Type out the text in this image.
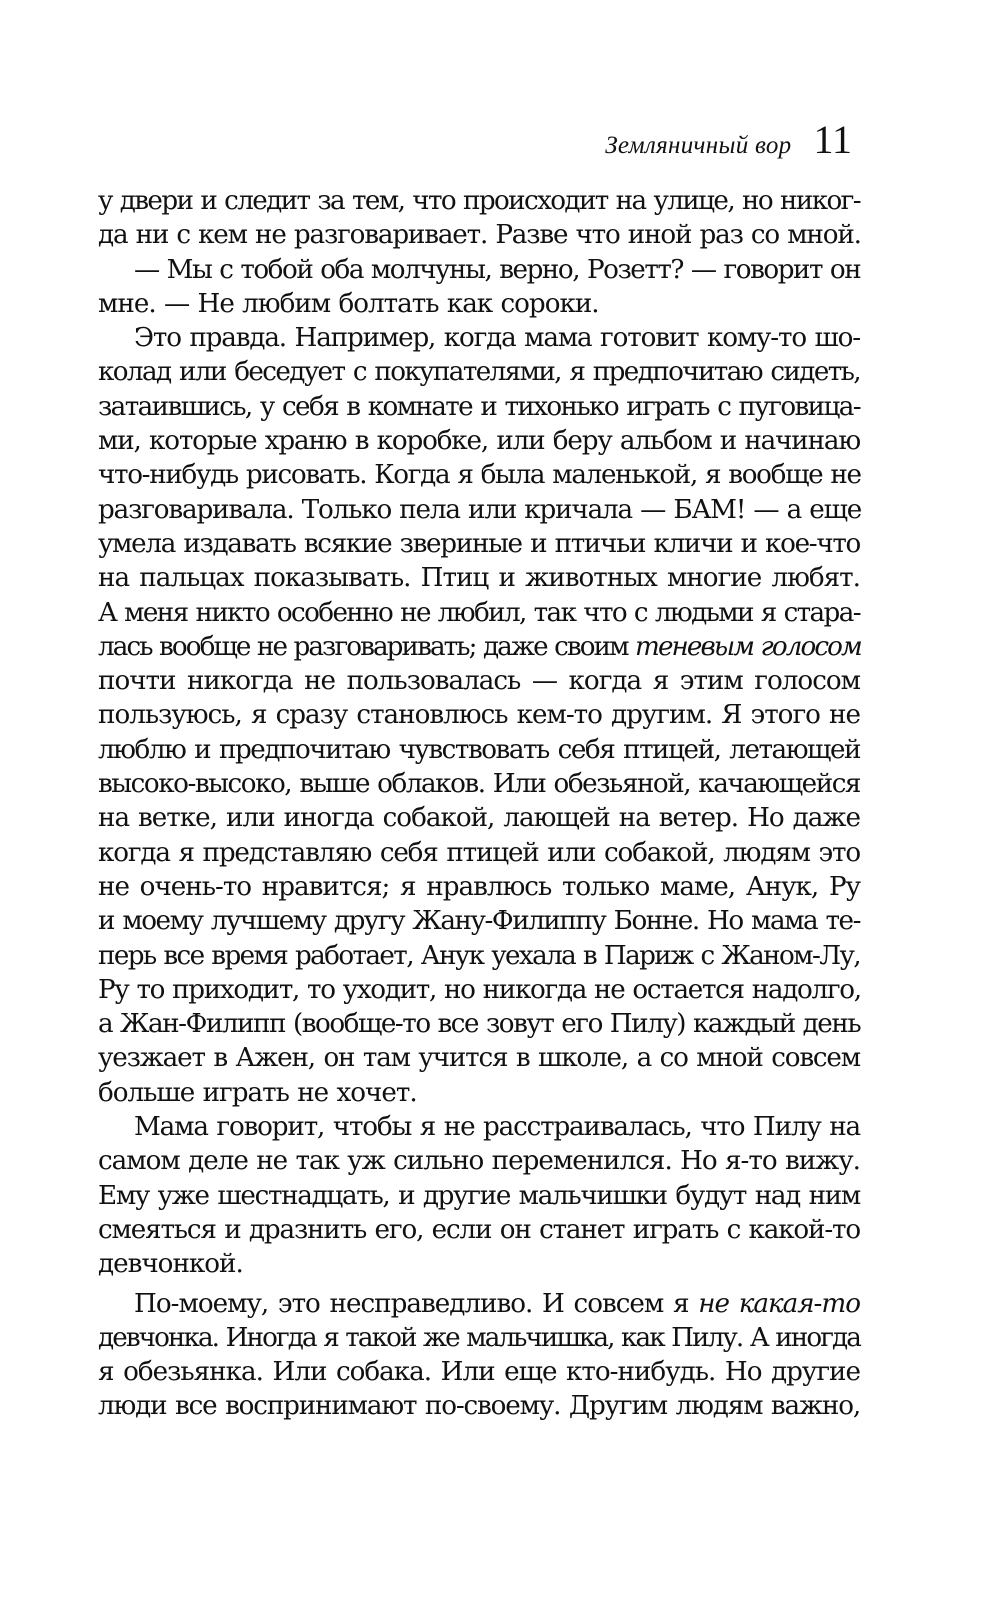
Земляничный вор 11
у двери и следит за тем, что происходит на улице, но никог-
да ни с кем не разговаривает. Разве что иной раз со мной.
— Мы с тобой оба молчуны, верно, Розетт? — говорит он
мне. — Не любим болтать как сороки.
Это правда. Например, когда мама готовит кому-то шо-
колад или беседует с покупателями, я предпочитаю сидеть,
затаившись, у себя в комнате и тихонько играть с пуговица-
ми, которые храню в коробке, или беру альбом и начинаю
что-нибудь рисовать. Когда я была маленькой, я вообще не
разговаривала. Только пела или кричала — БАМ! — а еще
умела издавать всякие звериные и птичьи кличи и кое-что
на пальцах показывать. Птиц и животных многие любят.
А меня никто особенно не любил, так что с людьми я стара-
лась вообще не разговаривать; даже своим теневым голосом
почти никогда не пользовалась — когда я этим голосом
пользуюсь, я сразу становлюсь кем-то другим. Я этого не
люблю и предпочитаю чувствовать себя птицей, летающей
высоко-высоко, выше облаков. Или обезьяной, качающейся
на ветке, или иногда собакой, лающей на ветер. Но даже
когда я представляю себя птицей или собакой, людям это
не очень-то нравится; я нравлюсь только маме, Анук, Ру
и моему лучшему другу Жану-Филиппу Бонне. Но мама те-
перь все время работает, Анук уехала в Париж с Жаном-Лу,
Ру то приходит, то уходит, но никогда не остается надолго,
а Жан-Филипп (вообще-то все зовут его Пилу) каждый день
уезжает в Ажен, он там учится в школе, а со мной совсем
больше играть не хочет.
Мама говорит, чтобы я не расстраивалась, что Пилу на
самом деле не так уж сильно переменился. Но я-то вижу.
Ему уже шестнадцать, и другие мальчишки будут над ним
смеяться и дразнить его, если он станет играть с какой-то
девчонкой.
По-моему, это несправедливо. И совсем я не какая-то
девчонка. Иногда я такой же мальчишка, как Пилу. А иногда
я обезьянка. Или собака. Или еще кто-нибудь. Но другие
люди все воспринимают по-своему. Другим людям важно,
